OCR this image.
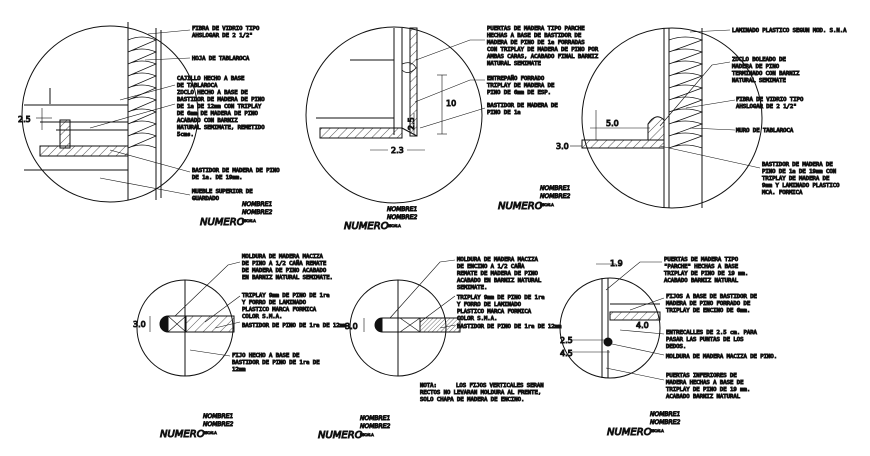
FIBRA DE VIDRIO TIPO
AHSLOGAR DE 2 1/2"
HOJA DE TABLAROCA
CAJILLO HECHO A BASE
DE TABLAROCA
ZOCLO HECHO A BASE DE
BASTIDOR DE MADERA DE PINO
DE 1a DE 12mm CON TRIPLAY
DE 6mm DE MADERA DE PINO
ACABADO CON BARNIZ
NATURAL SEMIMATE, REMETIDO
5cms.
BASTIDOR DE MADERA DE PINO
DE 1a. DE 19mm.
MUEBLE SUPERIOR DE
GUARDADO
2.5
NUMERO
NOMBRE1
NOMBRE2
ESCALA
PUERTAS DE MADERA TIPO PARCHE
HECHAS A BASE DE BASTIDOR DE
MADERA DE PINO DE 1a FORRADAS
CON TRIPLAY DE MADERA DE PINO POR
AMBAS CARAS, ACABADO FINAL BARNIZ
NATURAL SEMIMATE
ENTREPAÑO FORRADO
TRIPLAY DE MADERA DE
PINO DE 6mm DE ESP.
BASTIDOR DE MADERA DE
PINO DE 1a
10
2.5
2.3
NUMERO
NOMBRE1
NOMBRE2
ESCALA
LAMINADO PLASTICO SEGUN MOD. S.N.A
ZOCLO BOLEADO DE
MADERA DE PINO
TERMINADO CON BARNIZ
NATURAL SEMIMATE
FIBRA DE VIDRIO TIPO
AHSLOGAR DE 2 1/2"
MURO DE TABLAROCA
BASTIDOR DE MADERA DE
PINO DE 1a DE 19mm CON
TRIPLAY DE MADERA DE
9mm Y LAMINADO PLASTICO
MCA. FORMICA
5.0
3.0
NUMERO
NOMBRE1
NOMBRE2
ESCALA
MOLDURA DE MADERA MACIZA
DE PINO A 1/2 CAÑA REMATE
DE MADERA DE PINO ACABADO
EN BARNIZ NATURAL SEMIMATE.
TRIPLAY 9mm DE PINO DE 1ra
Y FORRO DE LAMINADO
PLASTICO MARCA FORMICA
COLOR S.M.A.
BASTIDOR DE PINO DE 1ra DE 12mm
FIJO HECHO A BASE DE
BASTIDOR DE PINO DE 1ra DE
12mm
3.0
NUMERO
NOMBRE1
NOMBRE2
ESCALA
MOLDURA DE MADERA MACIZA
DE ENCINO A 1/2 CAÑA
REMATE DE MADERA DE PINO
ACABADO EN BARNIZ NATURAL
SEMIMATE.
TRIPLAY 9mm DE PINO DE 1ra
Y FORRO DE LAMINADO
PLASTICO MARCA FORMICA
COLOR S.M.A.
BASTIDOR DE PINO DE 1ra DE 12mm
NOTA:	LOS FIJOS VERTICALES SERAN
RECTOS NO LEVARAN MOLDURA AL FRENTE,
SOLO CHAPA DE MADERA DE ENCINO.
3.0
NUMERO
NOMBRE1
NOMBRE2
ESCALA
PUERTAS DE MADERA TIPO
"PARCHE" HECHAS A BASE
TRIPLAY DE PINO DE 19 mm.
ACABADO BARNIZ NATURAL
FIJOS A BASE DE BASTIDOR DE
MADERA DE PINO FORRADO DE
TRIPLAY DE ENCINO DE 6mm.
ENTRECALLES DE 2.5 cm. PARA
PASAR LAS PUNTAS DE LOS
DEDOS.
MOLDURA DE MADERA MACIZA DE PINO.
PUERTAS INFERIORES DE
MADERA HECHAS A BASE DE
TRIPLAY DE PINO DE 19 mm.
ACABADO BARNIZ NATURAL
1.9
4.0
2.5
4.5
NUMERO
NOMBRE1
NOMBRE2
ESCALA
